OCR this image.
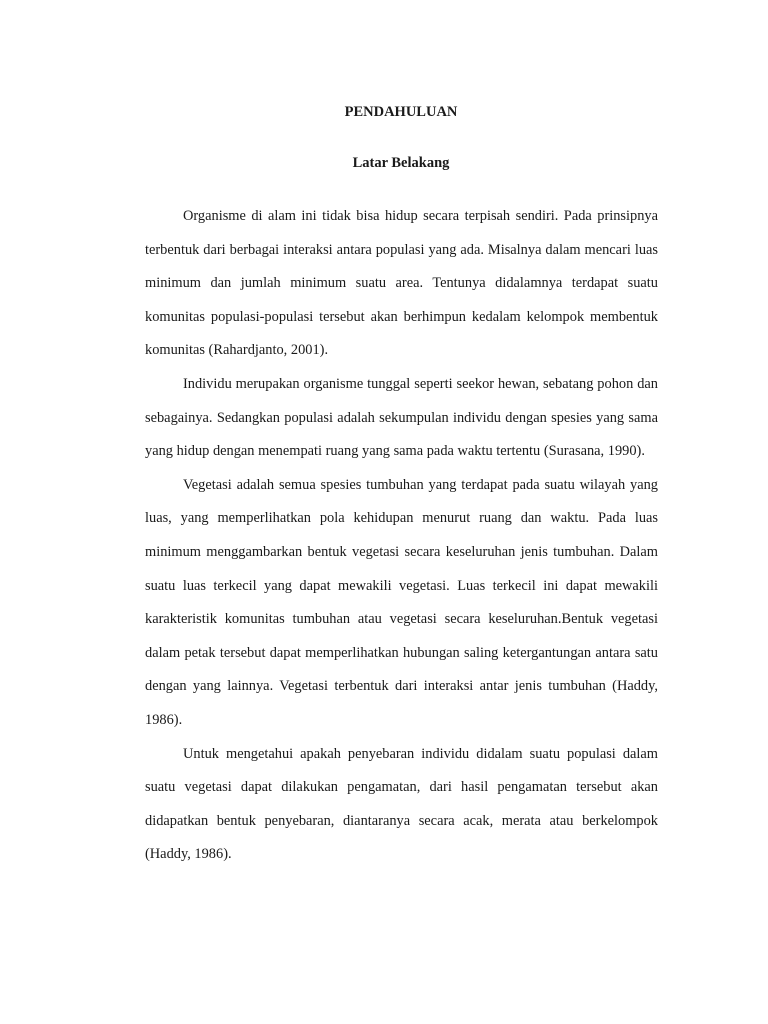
PENDAHULUAN
Latar Belakang

Organisme di alam ini tidak bisa hidup secara terpisah sendiri. Pada prinsipnya terbentuk dari berbagai interaksi antara populasi yang ada. Misalnya dalam mencari luas minimum dan jumlah minimum suatu area. Tentunya didalamnya terdapat suatu komunitas populasi-populasi tersebut akan berhimpun kedalam kelompok membentuk komunitas (Rahardjanto, 2001).

Individu merupakan organisme tunggal seperti seekor hewan, sebatang pohon dan sebagainya. Sedangkan populasi adalah sekumpulan individu dengan spesies yang sama yang hidup dengan menempati ruang yang sama pada waktu tertentu (Surasana, 1990).

Vegetasi adalah semua spesies tumbuhan yang terdapat pada suatu wilayah yang luas, yang memperlihatkan pola kehidupan menurut ruang dan waktu. Pada luas minimum menggambarkan bentuk vegetasi secara keseluruhan jenis tumbuhan. Dalam suatu luas terkecil yang dapat mewakili vegetasi. Luas terkecil ini dapat mewakili karakteristik komunitas tumbuhan atau vegetasi secara keseluruhan.Bentuk vegetasi dalam petak tersebut dapat memperlihatkan hubungan saling ketergantungan antara satu dengan yang lainnya. Vegetasi terbentuk dari interaksi antar jenis tumbuhan (Haddy, 1986).

Untuk mengetahui apakah penyebaran individu didalam suatu populasi dalam suatu vegetasi dapat dilakukan pengamatan, dari hasil pengamatan tersebut akan didapatkan bentuk penyebaran, diantaranya secara acak, merata atau berkelompok (Haddy, 1986).
